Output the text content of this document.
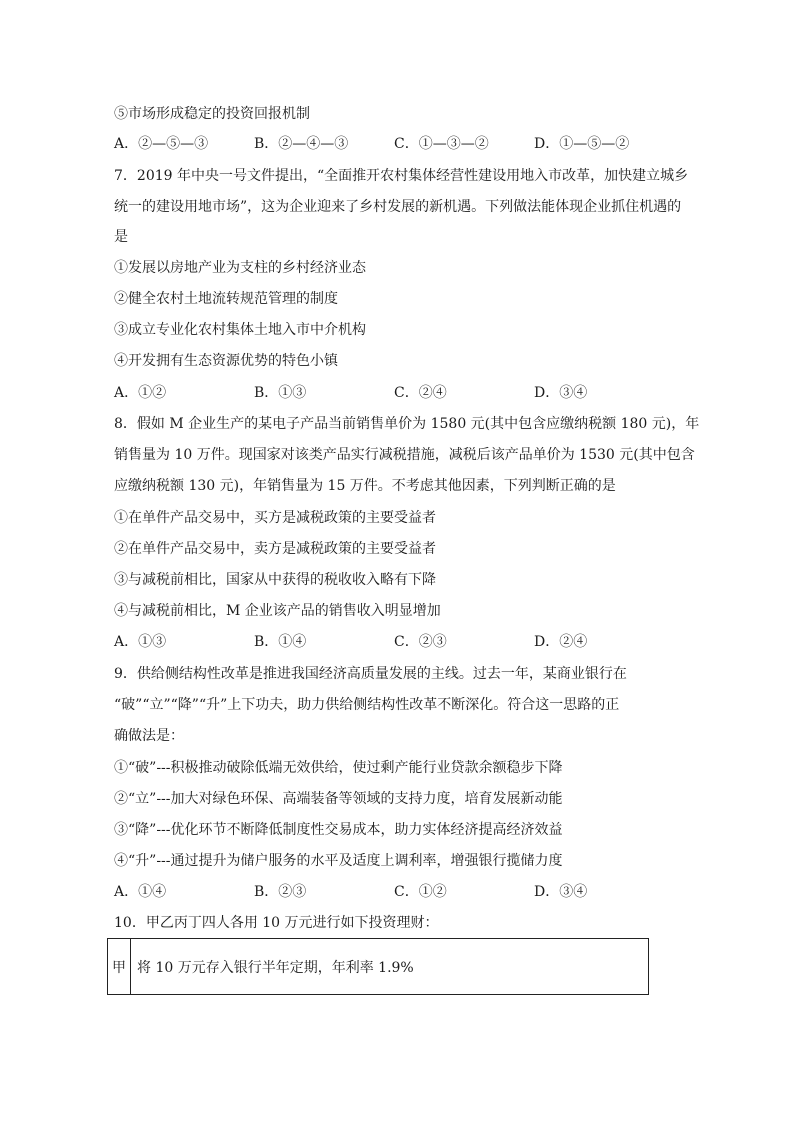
⑤市场形成稳定的投资回报机制
A．②—⑤—③	B．②—④—③	C．①—③—②	D．①—⑤—②
7．2019 年中央一号文件提出，“全面推开农村集体经营性建设用地入市改革，加快建立城乡
统一的建设用地市场”，这为企业迎来了乡村发展的新机遇。下列做法能体现企业抓住机遇的
是
①发展以房地产业为支柱的乡村经济业态
②健全农村土地流转规范管理的制度
③成立专业化农村集体土地入市中介机构
④开发拥有生态资源优势的特色小镇
A．①②	B．①③	C．②④	D．③④
8．假如 M 企业生产的某电子产品当前销售单价为 1580 元(其中包含应缴纳税额 180 元)，年
销售量为 10 万件。现国家对该类产品实行减税措施，减税后该产品单价为 1530 元(其中包含
应缴纳税额 130 元)，年销售量为 15 万件。不考虑其他因素，下列判断正确的是
①在单件产品交易中，买方是减税政策的主要受益者
②在单件产品交易中，卖方是减税政策的主要受益者
③与减税前相比，国家从中获得的税收收入略有下降
④与减税前相比，M 企业该产品的销售收入明显增加
A．①③	B．①④	C．②③	D．②④
9．供给侧结构性改革是推进我国经济高质量发展的主线。过去一年，某商业银行在
“破”“立”“降”“升”上下功夫，助力供给侧结构性改革不断深化。符合这一思路的正
确做法是：
①“破”---积极推动破除低端无效供给，使过剩产能行业贷款余额稳步下降
②“立”---加大对绿色环保、高端装备等领域的支持力度，培育发展新动能
③“降”---优化环节不断降低制度性交易成本，助力实体经济提高经济效益
④“升”---通过提升为储户服务的水平及适度上调利率，增强银行揽储力度
A．①④	B．②③	C．①②	D．③④
10．甲乙丙丁四人各用 10 万元进行如下投资理财：
甲	将 10 万元存入银行半年定期，年利率 1.9%
